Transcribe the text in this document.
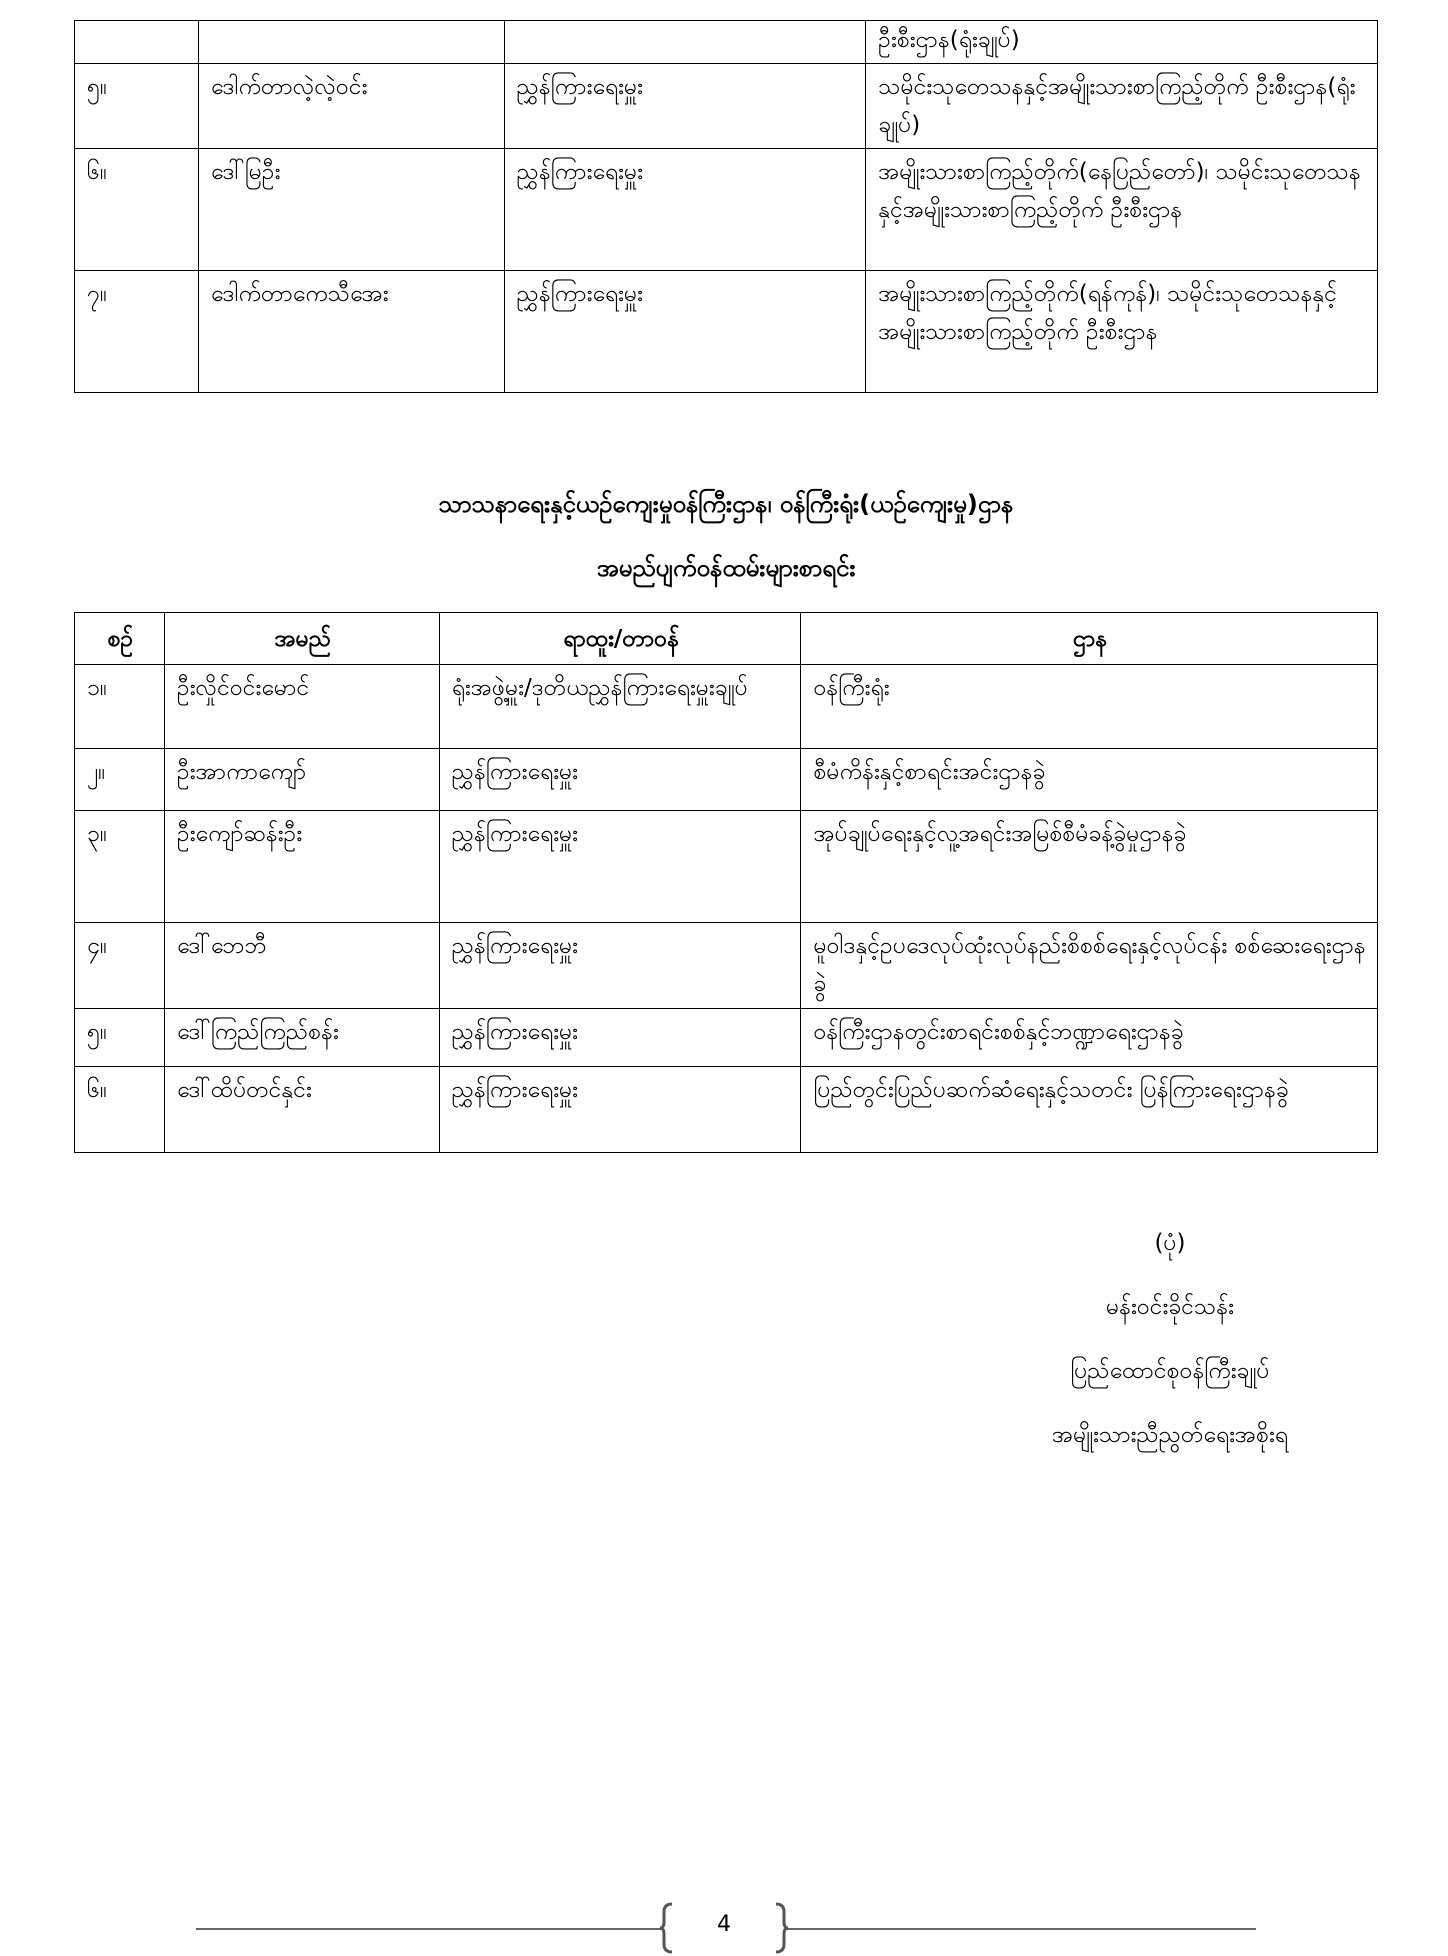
			ဦးစီးဌာန(ရုံးချုပ်)
၅။	ဒေါက်တာလဲ့လဲ့ဝင်း	ညွှန်ကြားရေးမှူး	သမိုင်းသုတေသနနှင့်အမျိုးသားစာကြည့်တိုက် ဦးစီးဌာန(ရုံးချုပ်)
၆။	ဒေါ်မြဦး	ညွှန်ကြားရေးမှူး	အမျိုးသားစာကြည့်တိုက်(နေပြည်တော်)၊ သမိုင်းသုတေသနနှင့်အမျိုးသားစာကြည့်တိုက် ဦးစီးဌာန
၇။	ဒေါက်တာကေသီအေး	ညွှန်ကြားရေးမှူး	အမျိုးသားစာကြည့်တိုက်(ရန်ကုန်)၊ သမိုင်းသုတေသနနှင့်အမျိုးသားစာကြည့်တိုက် ဦးစီးဌာန
သာသနာရေးနှင့်ယဉ်ကျေးမှုဝန်ကြီးဌာန၊ ဝန်ကြီးရုံး(ယဉ်ကျေးမှု)ဌာန
အမည်ပျက်ဝန်ထမ်းများစာရင်း
စဉ်	အမည်	ရာထူး/တာဝန်	ဌာန
၁။	ဦးလှိုင်ဝင်းမောင်	ရုံးအဖွဲ့မှူး/ဒုတိယညွှန်ကြားရေးမှူးချုပ်	ဝန်ကြီးရုံး
၂။	ဦးအာကာကျော်	ညွှန်ကြားရေးမှူး	စီမံကိန်းနှင့်စာရင်းအင်းဌာနခွဲ
၃။	ဦးကျော်ဆန်းဦး	ညွှန်ကြားရေးမှူး	အုပ်ချုပ်ရေးနှင့်လူ့အရင်းအမြစ်စီမံခန့်ခွဲမှုဌာနခွဲ
၄။	ဒေါ်ဘေဘီ	ညွှန်ကြားရေးမှူး	မူဝါဒနှင့်ဥပဒေလုပ်ထုံးလုပ်နည်းစိစစ်ရေးနှင့်လုပ်ငန်း စစ်ဆေးရေးဌာနခွဲ
၅။	ဒေါ်ကြည်ကြည်စန်း	ညွှန်ကြားရေးမှူး	ဝန်ကြီးဌာနတွင်းစာရင်းစစ်နှင့်ဘဏ္ဍာရေးဌာနခွဲ
၆။	ဒေါ်ထိပ်တင်နှင်း	ညွှန်ကြားရေးမှူး	ပြည်တွင်းပြည်ပဆက်ဆံရေးနှင့်သတင်း ပြန်ကြားရေးဌာနခွဲ
(ပုံ)
မန်းဝင်းခိုင်သန်း
ပြည်ထောင်စုဝန်ကြီးချုပ်
အမျိုးသားညီညွတ်ရေးအစိုးရ
4
